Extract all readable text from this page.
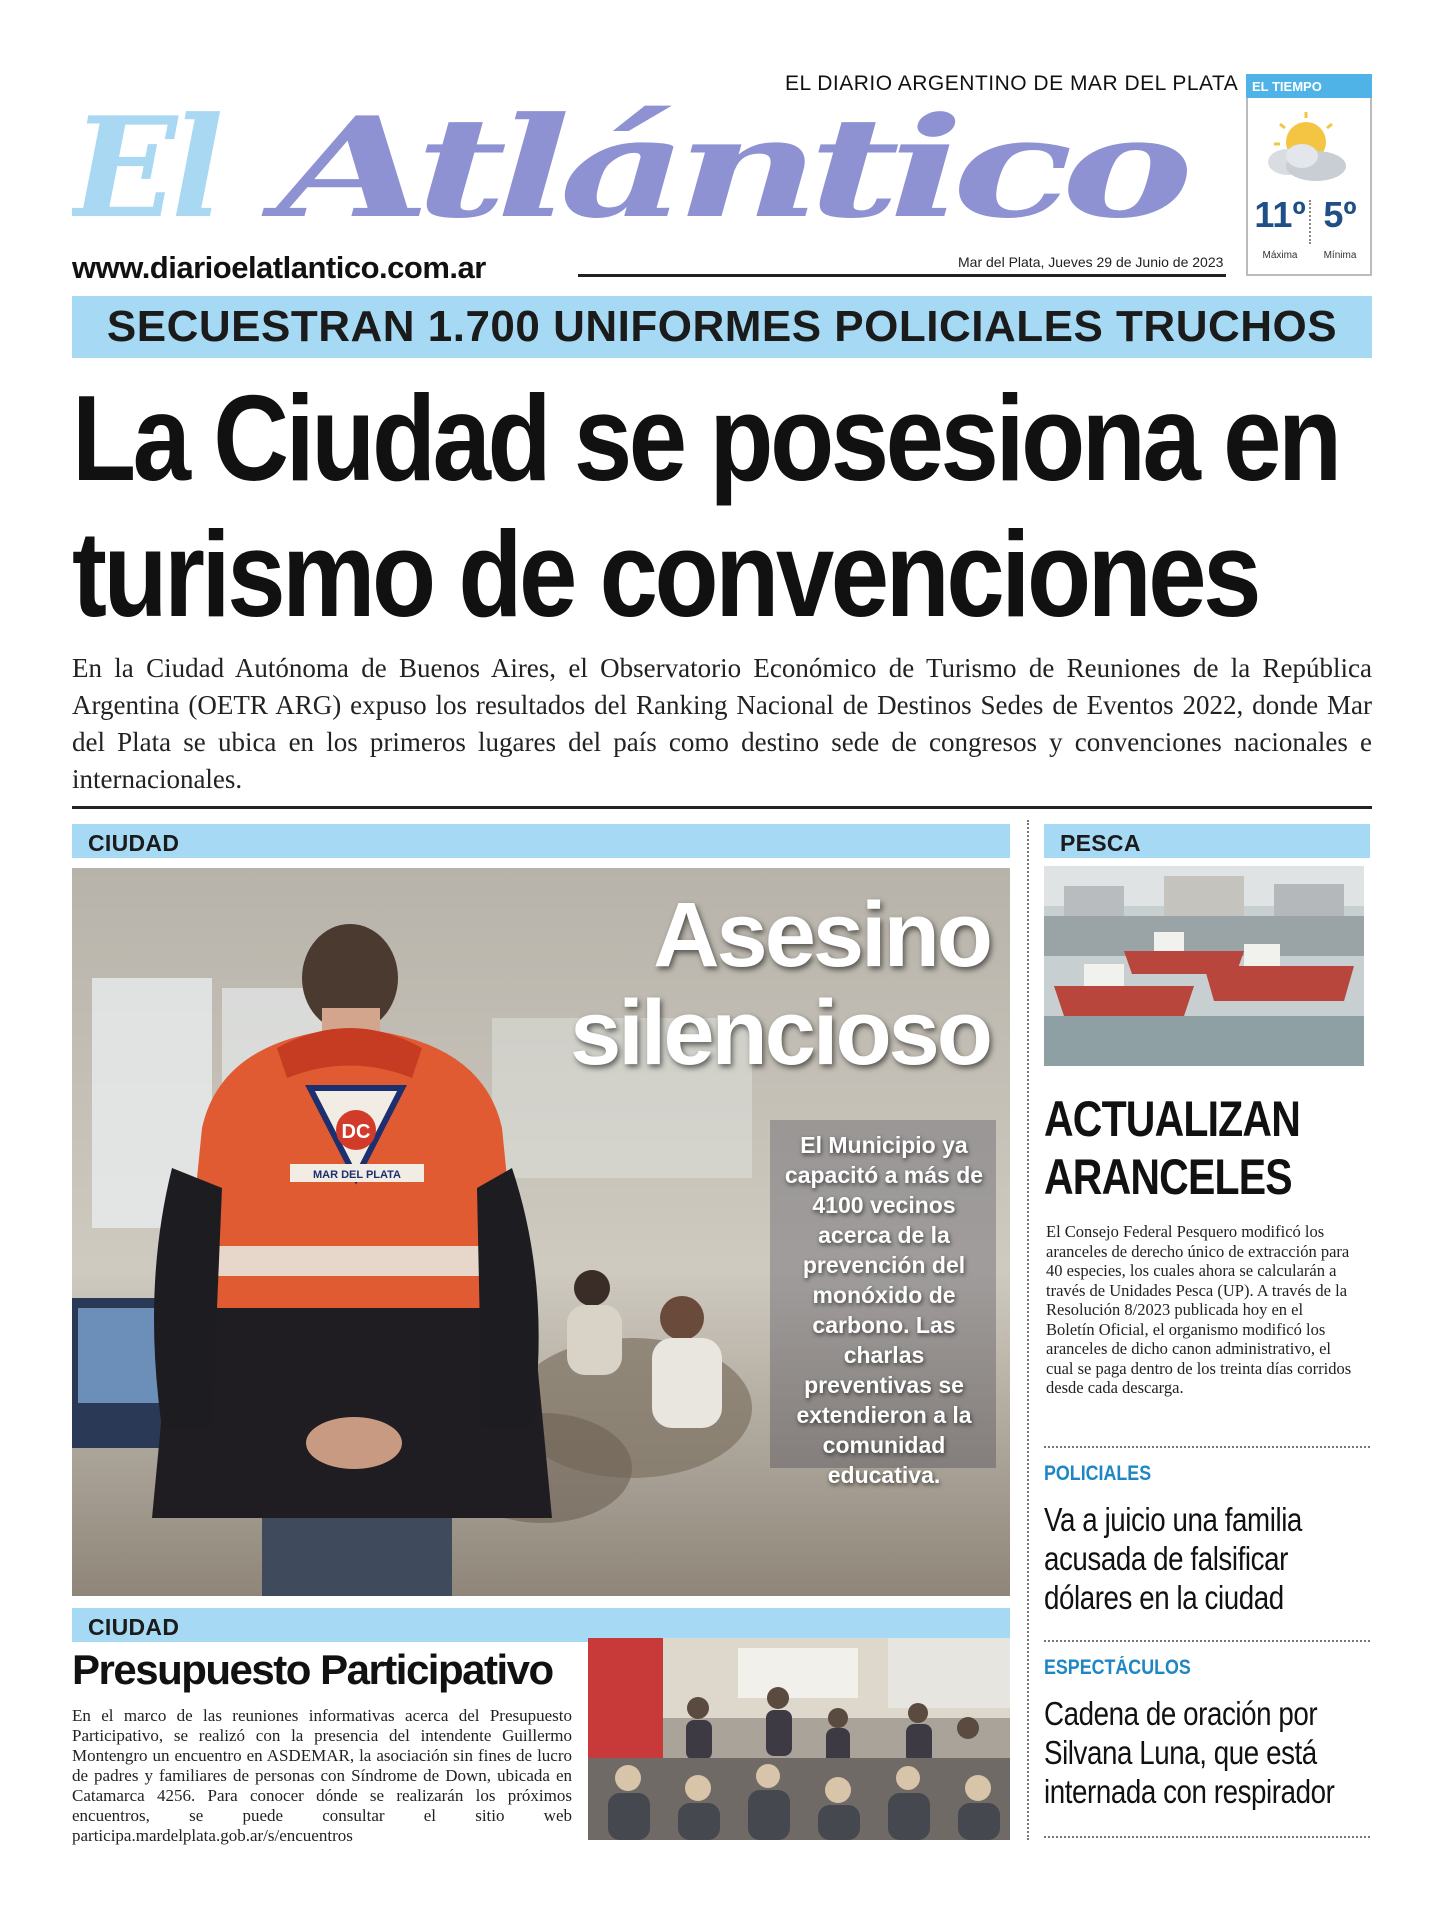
EL DIARIO ARGENTINO DE MAR DEL PLATA
El Atlántico
www.diarioelatlantico.com.ar	Mar del Plata, Jueves 29 de Junio de 2023
EL TIEMPO
11º 5º
Máxima	Mínima
SECUESTRAN 1.700 UNIFORMES POLICIALES TRUCHOS
La Ciudad se posesiona en
turismo de convenciones
En la Ciudad Autónoma de Buenos Aires, el Observatorio Económico de Turismo de Reuniones de la República Argentina (OETR ARG) expuso los resultados del Ranking Nacional de Destinos Sedes de Eventos 2022, donde Mar del Plata se ubica en los primeros lugares del país como destino sede de congresos y convenciones nacionales e internacionales.
CIUDAD
DC
MAR DEL PLATA
Asesino
silencioso
El Municipio ya capacitó a más de 4100 vecinos acerca de la prevención del monóxido de carbono. Las charlas preventivas se extendieron a la comunidad educativa.
CIUDAD
Presupuesto Participativo
En el marco de las reuniones informativas acerca del Presupuesto Participativo, se realizó con la presencia del intendente Guillermo Montengro un encuentro en ASDEMAR, la asociación sin fines de lucro de padres y familiares de personas con Síndrome de Down, ubicada en Catamarca 4256. Para conocer dónde se realizarán los próximos encuentros, se puede consultar el sitio web participa.mardelplata.gob.ar/s/encuentros
PESCA
ACTUALIZAN
ARANCELES
El Consejo Federal Pesquero modificó los aranceles de derecho único de extracción para 40 especies, los cuales ahora se calcularán a través de Unidades Pesca (UP). A través de la Resolución 8/2023 publicada hoy en el Boletín Oficial, el organismo modificó los aranceles de dicho canon administrativo, el cual se paga dentro de los treinta días corridos desde cada descarga.
POLICIALES
Va a juicio una familia
acusada de falsificar
dólares en la ciudad
ESPECTÁCULOS
Cadena de oración por
Silvana Luna, que está
internada con respirador
